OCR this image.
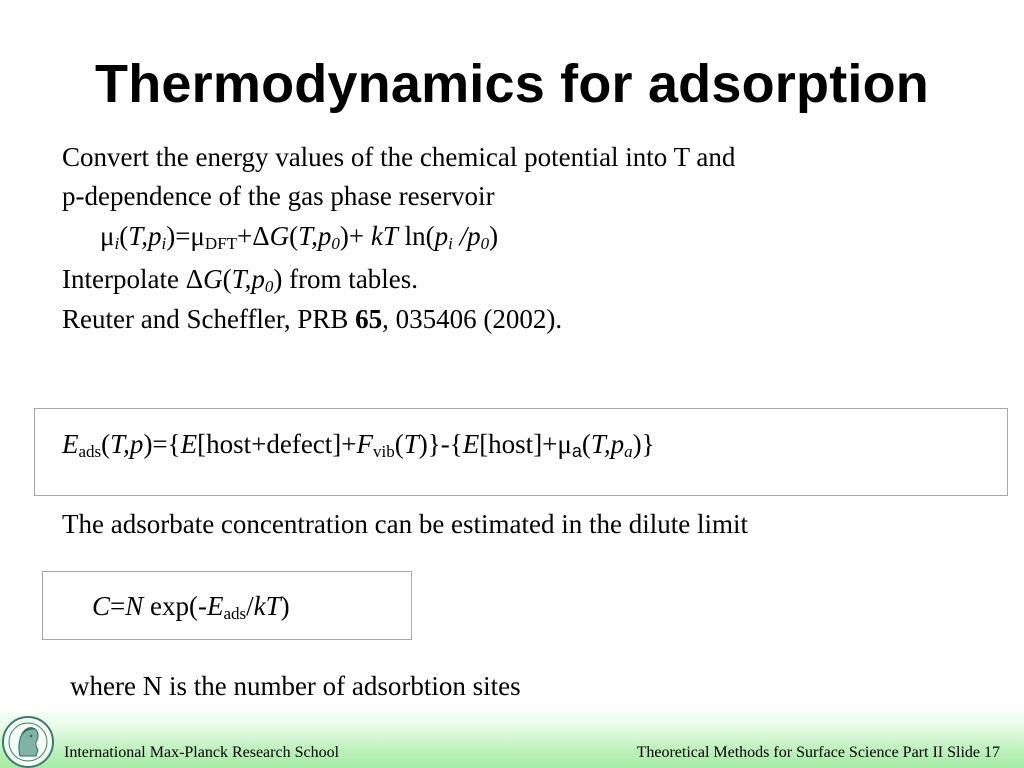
Thermodynamics for adsorption
Convert the energy values of the chemical potential into T and
p-dependence of the gas phase reservoir
$\mu_i(T,p_i)=\mu_{DFT}+\Delta G(T,p_0)+$ kT $\ln(p_i$ $/p_0$)
Interpolate $\Delta G(T,p_0)$ from tables.
Reuter and Scheffler, PRB 65, 035406 (2002).
$E_{ads}(T,p)=\{E[host+defect]+F_{vib}(T)\}-\{E[host]+\mu a(T,p_a)\}$
The adsorbate concentration can be estimated in the dilute limit
C=N $\exp(-E_{ads}/kT)$
where N is the number of adsorbtion sites
International Max-Planck Research School	Theoretical Methods for Surface Science Part II Slide 17
